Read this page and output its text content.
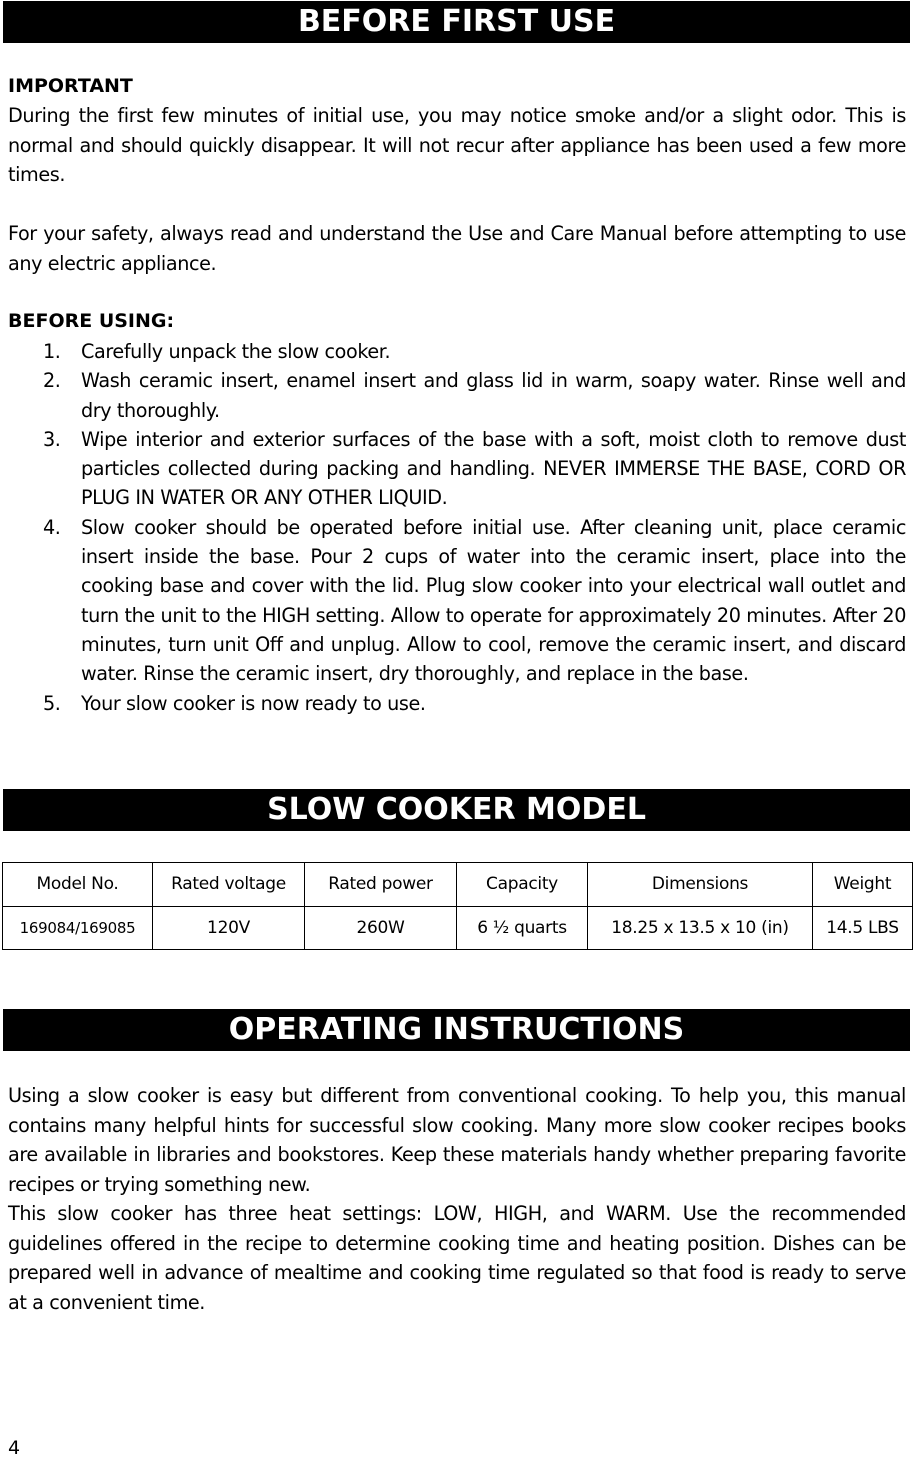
BEFORE FIRST USE
IMPORTANT
During the first few minutes of initial use, you may notice smoke and/or a slight odor. This is normal and should quickly disappear. It will not recur after appliance has been used a few more times.
For your safety, always read and understand the Use and Care Manual before attempting to use any electric appliance.
BEFORE USING:
1. Carefully unpack the slow cooker.
2. Wash ceramic insert, enamel insert and glass lid in warm, soapy water. Rinse well and dry thoroughly.
3. Wipe interior and exterior surfaces of the base with a soft, moist cloth to remove dust particles collected during packing and handling. NEVER IMMERSE THE BASE, CORD OR PLUG IN WATER OR ANY OTHER LIQUID.
4. Slow cooker should be operated before initial use. After cleaning unit, place ceramic insert inside the base. Pour 2 cups of water into the ceramic insert, place into the cooking base and cover with the lid. Plug slow cooker into your electrical wall outlet and turn the unit to the HIGH setting. Allow to operate for approximately 20 minutes. After 20 minutes, turn unit Off and unplug. Allow to cool, remove the ceramic insert, and discard water. Rinse the ceramic insert, dry thoroughly, and replace in the base.
5. Your slow cooker is now ready to use.
SLOW COOKER MODEL
Model No.	Rated voltage	Rated power	Capacity	Dimensions	Weight
169084/169085	120V	260W	6 ½ quarts	18.25 x 13.5 x 10 (in)	14.5 LBS
OPERATING INSTRUCTIONS
Using a slow cooker is easy but different from conventional cooking. To help you, this manual contains many helpful hints for successful slow cooking. Many more slow cooker recipes books are available in libraries and bookstores. Keep these materials handy whether preparing favorite recipes or trying something new.
This slow cooker has three heat settings: LOW, HIGH, and WARM. Use the recommended guidelines offered in the recipe to determine cooking time and heating position. Dishes can be prepared well in advance of mealtime and cooking time regulated so that food is ready to serve at a convenient time.
4
